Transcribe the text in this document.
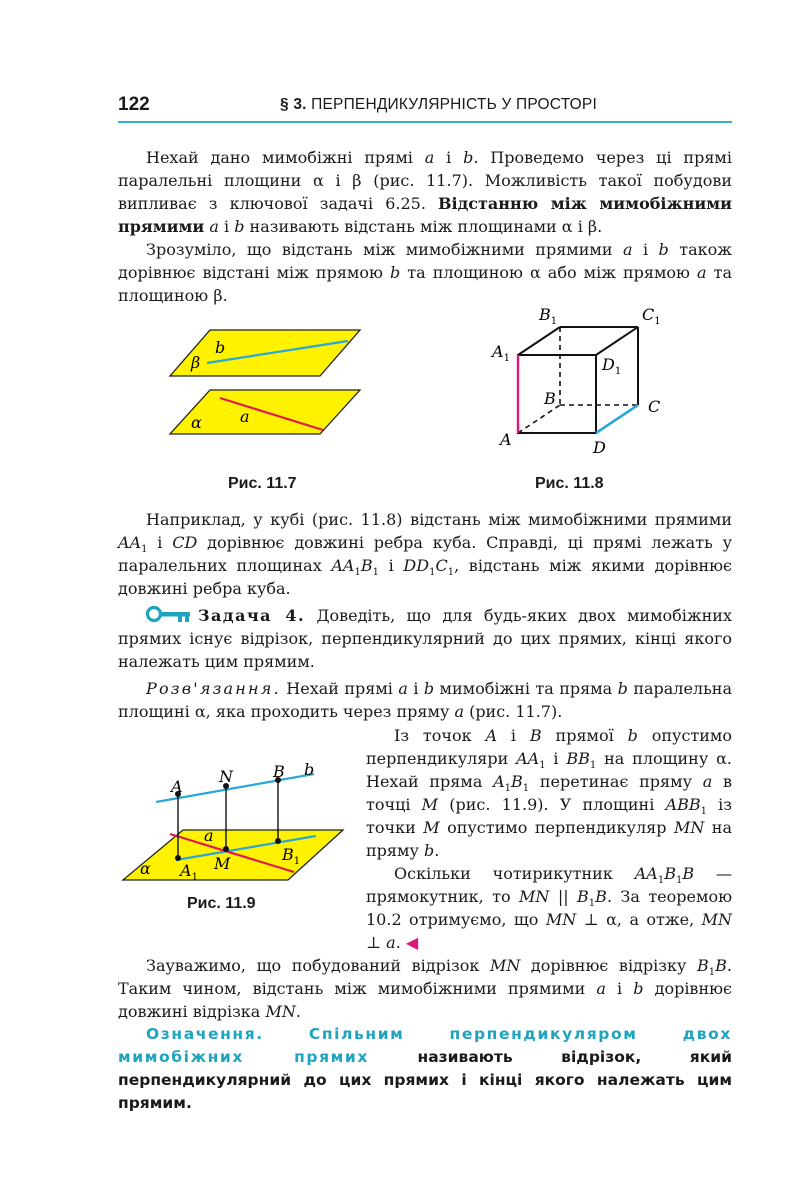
122	§ 3. ПЕРПЕНДИКУЛЯРНІСТЬ У ПРОСТОРІ

Нехай дано мимобіжні прямі a і b. Проведемо через ці прямі паралельні площини α і β (рис. 11.7). Можливість такої побудови випливає з ключової задачі 6.25. Відстанню між мимобіжними прямими a і b називають відстань між площинами α і β.

Зрозуміло, що відстань між мимобіжними прямими a і b також дорівнює відстані між прямою b та площиною α або між прямою a та площиною β.

b
β
a
α
Рис. 11.7
$B_1$	$C_1$
$A_1$	$D_1$
B	C
A	D
Рис. 11.8

Наприклад, у кубі (рис. 11.8) відстань між мимобіжними прямими $AA_1$ і CD дорівнює довжині ребра куба. Справді, ці прямі лежать у паралельних площинах $AA_1B_1$ і $DD_1C_1$, відстань між якими дорівнює довжині ребра куба.

Задача 4. Доведіть, що для будь-яких двох мимобіжних прямих існує відрізок, перпендикулярний до цих прямих, кінці якого належать цим прямим.

Розв'язання. Нехай прямі a і b мимобіжні та пряма b паралельна площині α, яка проходить через пряму a (рис. 11.7).

A
N	B b
a
α $A_1$
M	$B_1$
Рис. 11.9

Із точок A і B прямої b опустимо перпендикуляри $AA_1$ і $BB_1$ на площину α. Нехай пряма $A_1B_1$ перетинає пряму a в точці M (рис. 11.9). У площині $ABB_1$ із точки M опустимо перпендикуляр MN на пряму b.

Оскільки чотирикутник $AA_1B_1B$ — прямокутник, то MN || $B_1B$. За теоремою 10.2 отримуємо, що MN ⊥ α, а отже, MN ⊥ a. ◀

Зауважимо, що побудований відрізок MN дорівнює відрізку $B_1B$. Таким чином, відстань між мимобіжними прямими a і b дорівнює довжині відрізка MN.

Означення. Спільним перпендикуляром двох мимобіжних прямих називають відрізок, який перпендикулярний до цих прямих і кінці якого належать цим прямим.
